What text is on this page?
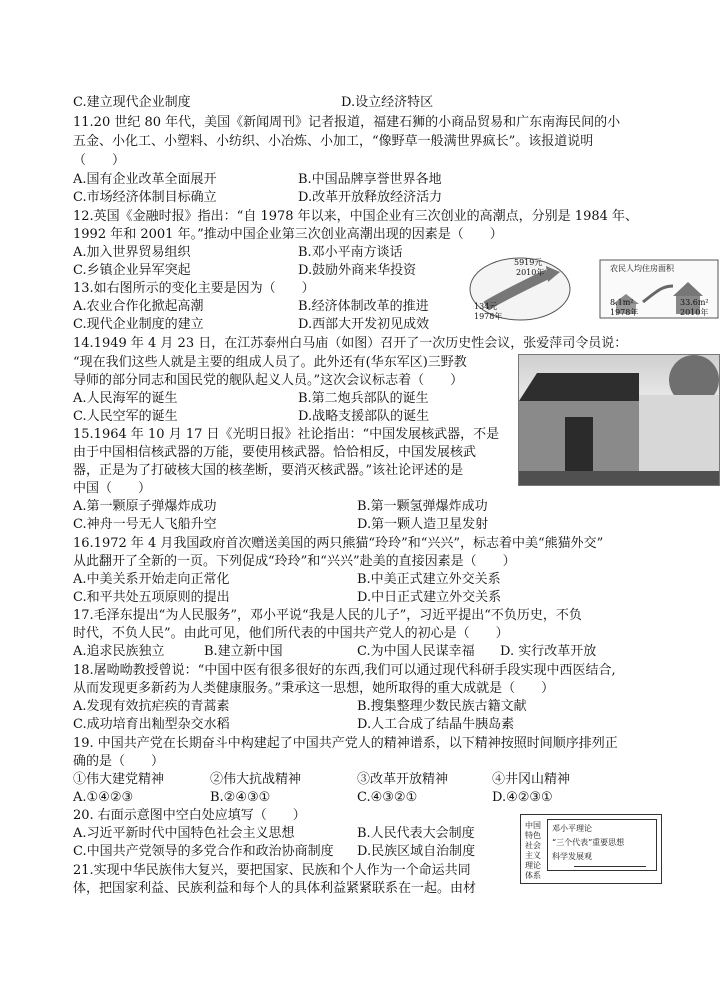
C.建立现代企业制度	D.设立经济特区
11.20 世纪 80 年代，美国《新闻周刊》记者报道，福建石狮的小商品贸易和广东南海民间的小
五金、小化工、小塑料、小纺织、小冶炼、小加工，“像野草一般满世界疯长”。该报道说明
（　　）
A.国有企业改革全面展开	B.中国品牌享誉世界各地
C.市场经济体制目标确立	D.改革开放释放经济活力
12.英国《金融时报》指出：“自 1978 年以来，中国企业有三次创业的高潮点，分别是 1984 年、
1992 年和 2001 年。”推动中国企业第三次创业高潮出现的因素是（　　）
A.加入世界贸易组织	B.邓小平南方谈话
C.乡镇企业异军突起	D.鼓励外商来华投资
13.如右图所示的变化主要是因为（　　）
A.农业合作化掀起高潮	B.经济体制改革的推进
C.现代企业制度的建立	D.西部大开发初见成效
5919元
2010年
134元
1978年
农民人均住房面积
8.1m²
1978年
33.6m²
2010年
14.1949 年 4 月 23 日，在江苏泰州白马庙（如图）召开了一次历史性会议，张爱萍司令员说：
“现在我们这些人就是主要的组成人员了。此外还有(华东军区)三野教
导师的部分同志和国民党的舰队起义人员。”这次会议标志着（　　）
A.人民海军的诞生	B.第二炮兵部队的诞生
C.人民空军的诞生	D.战略支援部队的诞生
15.1964 年 10 月 17 日《光明日报》社论指出：“中国发展核武器，不是
由于中国相信核武器的万能，要使用核武器。恰恰相反，中国发展核武
器，正是为了打破核大国的核垄断，要消灭核武器。”该社论评述的是
中国（　　）
A.第一颗原子弹爆炸成功	B.第一颗氢弹爆炸成功
C.神舟一号无人飞船升空	D.第一颗人造卫星发射
16.1972 年 4 月我国政府首次赠送美国的两只熊猫“玲玲”和“兴兴”，标志着中美“熊猫外交”
从此翻开了全新的一页。下列促成“玲玲”和“兴兴”赴美的直接因素是（　　）
A.中美关系开始走向正常化	B.中美正式建立外交关系
C.和平共处五项原则的提出	D.中日正式建立外交关系
17.毛泽东提出“为人民服务”，邓小平说“我是人民的儿子”，习近平提出“不负历史，不负
时代，不负人民”。由此可见，他们所代表的中国共产党人的初心是（　　）
A.追求民族独立	B.建立新中国	C.为中国人民谋幸福 D. 实行改革开放
18.屠呦呦教授曾说：“中国中医有很多很好的东西,我们可以通过现代科研手段实现中西医结合,
从而发现更多新药为人类健康服务。”秉承这一思想，她所取得的重大成就是（　　）
A.发现有效抗疟疾的青蒿素	B.搜集整理少数民族古籍文献
C.成功培育出籼型杂交水稻	D.人工合成了结晶牛胰岛素
19. 中国共产党在长期奋斗中构建起了中国共产党人的精神谱系，以下精神按照时间顺序排列正
确的是（　　）
①伟大建党精神	②伟大抗战精神	③改革开放精神	④井冈山精神
A.①④②③	B.②④③①	C.④③②①	D.④②③①
20. 右面示意图中空白处应填写（　　）
A.习近平新时代中国特色社会主义思想	B.人民代表大会制度
C.中国共产党领导的多党合作和政治协商制度 D.民族区域自治制度
中国特色社会主义理论体系
邓小平理论
“三个代表”重要思想
科学发展观
21.实现中华民族伟大复兴，要把国家、民族和个人作为一个命运共同
体，把国家利益、民族利益和每个人的具体利益紧紧联系在一起。由材
